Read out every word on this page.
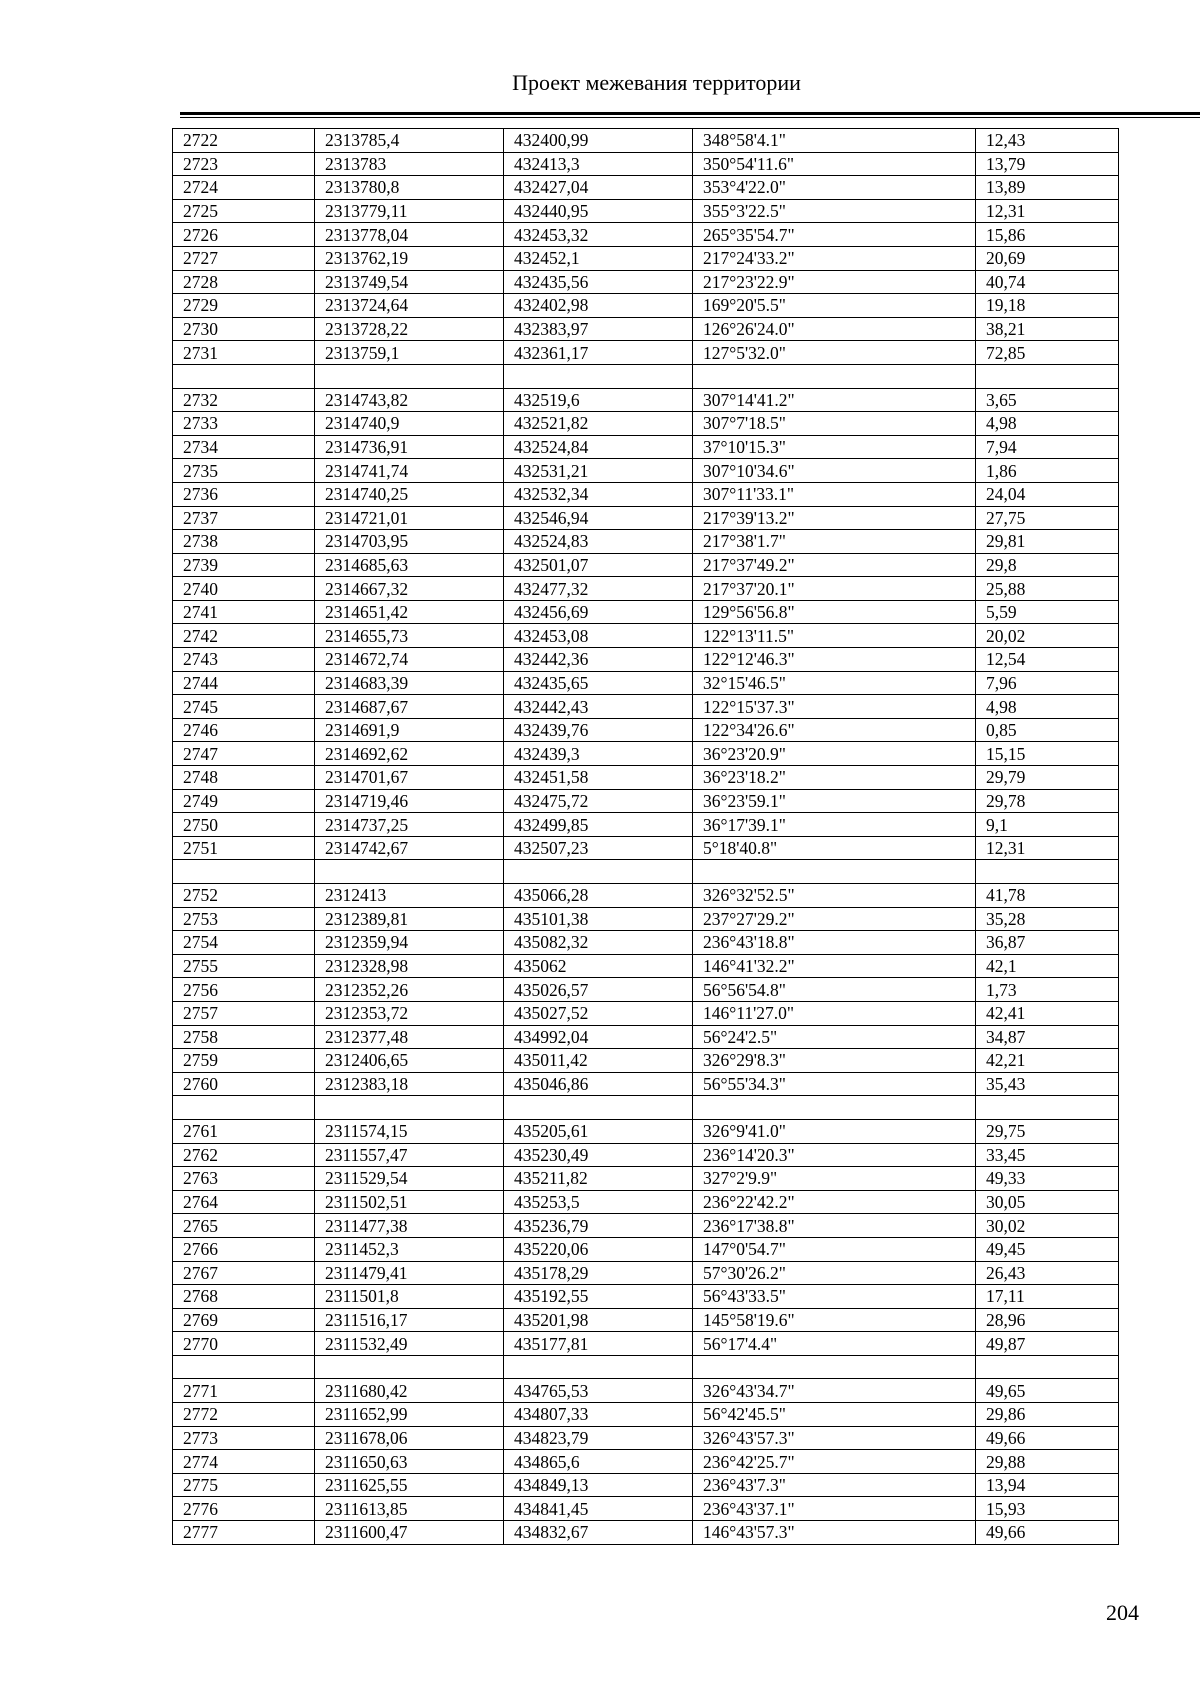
Проект межевания территории
2722	2313785,4	432400,99	348°58'4.1"	12,43
2723	2313783	432413,3	350°54'11.6"	13,79
2724	2313780,8	432427,04	353°4'22.0"	13,89
2725	2313779,11	432440,95	355°3'22.5"	12,31
2726	2313778,04	432453,32	265°35'54.7"	15,86
2727	2313762,19	432452,1	217°24'33.2"	20,69
2728	2313749,54	432435,56	217°23'22.9"	40,74
2729	2313724,64	432402,98	169°20'5.5"	19,18
2730	2313728,22	432383,97	126°26'24.0"	38,21
2731	2313759,1	432361,17	127°5'32.0"	72,85

2732	2314743,82	432519,6	307°14'41.2"	3,65
2733	2314740,9	432521,82	307°7'18.5"	4,98
2734	2314736,91	432524,84	37°10'15.3"	7,94
2735	2314741,74	432531,21	307°10'34.6"	1,86
2736	2314740,25	432532,34	307°11'33.1"	24,04
2737	2314721,01	432546,94	217°39'13.2"	27,75
2738	2314703,95	432524,83	217°38'1.7"	29,81
2739	2314685,63	432501,07	217°37'49.2"	29,8
2740	2314667,32	432477,32	217°37'20.1"	25,88
2741	2314651,42	432456,69	129°56'56.8"	5,59
2742	2314655,73	432453,08	122°13'11.5"	20,02
2743	2314672,74	432442,36	122°12'46.3"	12,54
2744	2314683,39	432435,65	32°15'46.5"	7,96
2745	2314687,67	432442,43	122°15'37.3"	4,98
2746	2314691,9	432439,76	122°34'26.6"	0,85
2747	2314692,62	432439,3	36°23'20.9"	15,15
2748	2314701,67	432451,58	36°23'18.2"	29,79
2749	2314719,46	432475,72	36°23'59.1"	29,78
2750	2314737,25	432499,85	36°17'39.1"	9,1
2751	2314742,67	432507,23	5°18'40.8"	12,31

2752	2312413	435066,28	326°32'52.5"	41,78
2753	2312389,81	435101,38	237°27'29.2"	35,28
2754	2312359,94	435082,32	236°43'18.8"	36,87
2755	2312328,98	435062	146°41'32.2"	42,1
2756	2312352,26	435026,57	56°56'54.8"	1,73
2757	2312353,72	435027,52	146°11'27.0"	42,41
2758	2312377,48	434992,04	56°24'2.5"	34,87
2759	2312406,65	435011,42	326°29'8.3"	42,21
2760	2312383,18	435046,86	56°55'34.3"	35,43

2761	2311574,15	435205,61	326°9'41.0"	29,75
2762	2311557,47	435230,49	236°14'20.3"	33,45
2763	2311529,54	435211,82	327°2'9.9"	49,33
2764	2311502,51	435253,5	236°22'42.2"	30,05
2765	2311477,38	435236,79	236°17'38.8"	30,02
2766	2311452,3	435220,06	147°0'54.7"	49,45
2767	2311479,41	435178,29	57°30'26.2"	26,43
2768	2311501,8	435192,55	56°43'33.5"	17,11
2769	2311516,17	435201,98	145°58'19.6"	28,96
2770	2311532,49	435177,81	56°17'4.4"	49,87

2771	2311680,42	434765,53	326°43'34.7"	49,65
2772	2311652,99	434807,33	56°42'45.5"	29,86
2773	2311678,06	434823,79	326°43'57.3"	49,66
2774	2311650,63	434865,6	236°42'25.7"	29,88
2775	2311625,55	434849,13	236°43'7.3"	13,94
2776	2311613,85	434841,45	236°43'37.1"	15,93
2777	2311600,47	434832,67	146°43'57.3"	49,66
204
